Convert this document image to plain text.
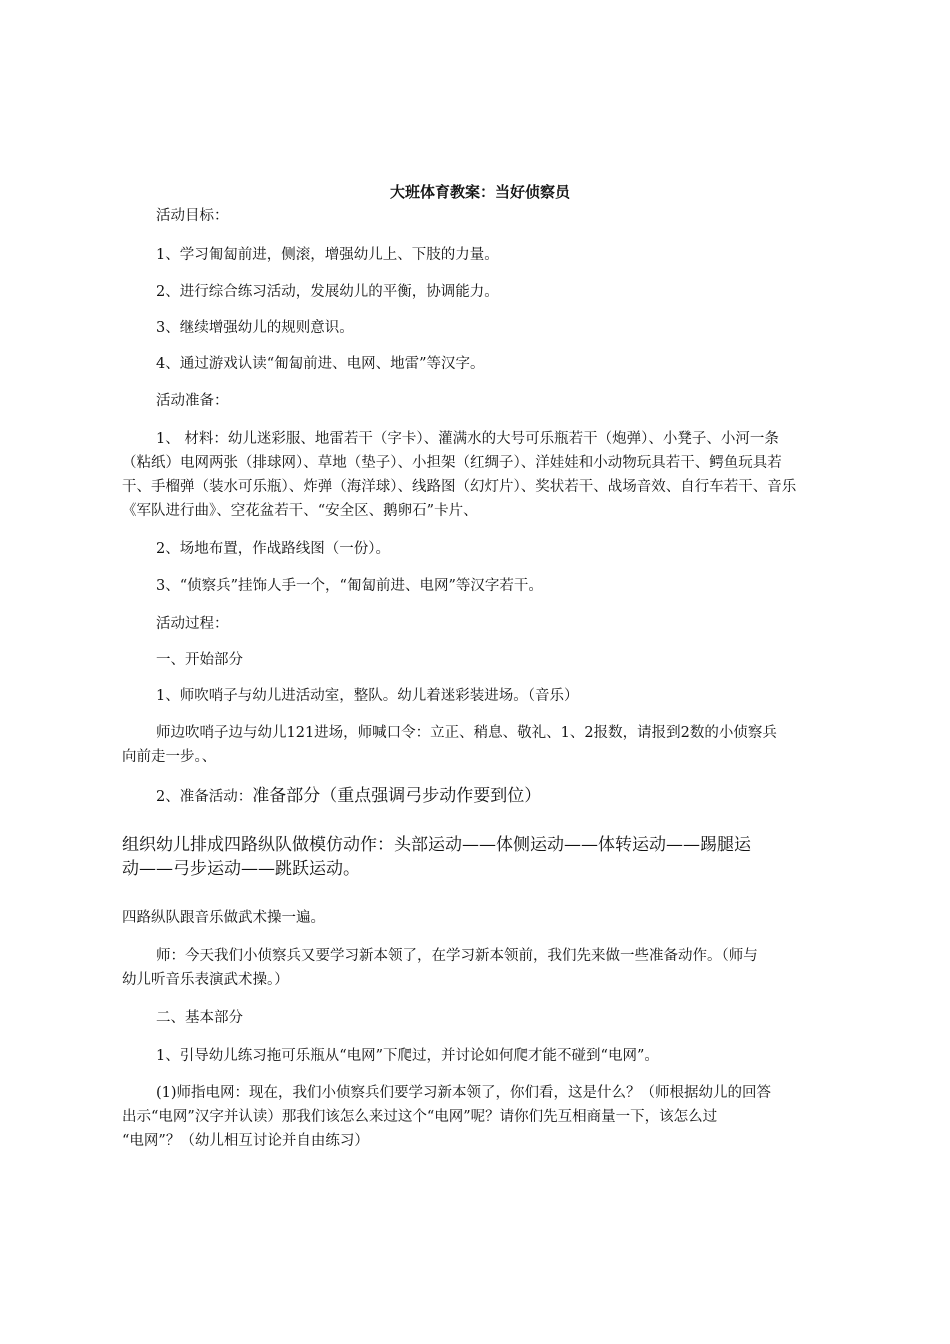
大班体育教案：当好侦察员
活动目标：
1、学习匍匐前进，侧滚，增强幼儿上、下肢的力量。
2、进行综合练习活动，发展幼儿的平衡，协调能力。
3、继续增强幼儿的规则意识。
4、通过游戏认读“匍匐前进、电网、地雷”等汉字。
活动准备：
1、 材料：幼儿迷彩服、地雷若干（字卡）、灌满水的大号可乐瓶若干（炮弹）、小凳子、小河一条
（粘纸）电网两张（排球网）、草地（垫子）、小担架（红绸子）、洋娃娃和小动物玩具若干、鳄鱼玩具若
干、手榴弹（装水可乐瓶）、炸弹（海洋球）、线路图（幻灯片）、奖状若干、战场音效、自行车若干、音乐
《军队进行曲》、空花盆若干、“安全区、鹅卵石”卡片、
2、场地布置，作战路线图（一份）。
3、“侦察兵”挂饰人手一个，“匍匐前进、电网”等汉字若干。
活动过程：
一、开始部分
1、师吹哨子与幼儿进活动室，整队。幼儿着迷彩装进场。（音乐）
师边吹哨子边与幼儿121进场，师喊口令：立正、稍息、敬礼、1、2报数，请报到2数的小侦察兵
向前走一步。、
2、准备活动：准备部分（重点强调弓步动作要到位）
组织幼儿排成四路纵队做模仿动作：头部运动——体侧运动——体转运动——踢腿运
动——弓步运动——跳跃运动。
四路纵队跟音乐做武术操一遍。
师：今天我们小侦察兵又要学习新本领了，在学习新本领前，我们先来做一些准备动作。（师与
幼儿听音乐表演武术操。）
二、基本部分
1、引导幼儿练习拖可乐瓶从“电网”下爬过，并讨论如何爬才能不碰到“电网”。
(1)师指电网：现在，我们小侦察兵们要学习新本领了，你们看，这是什么？（师根据幼儿的回答
出示“电网”汉字并认读）那我们该怎么来过这个“电网”呢？请你们先互相商量一下，该怎么过
“电网”？（幼儿相互讨论并自由练习）
